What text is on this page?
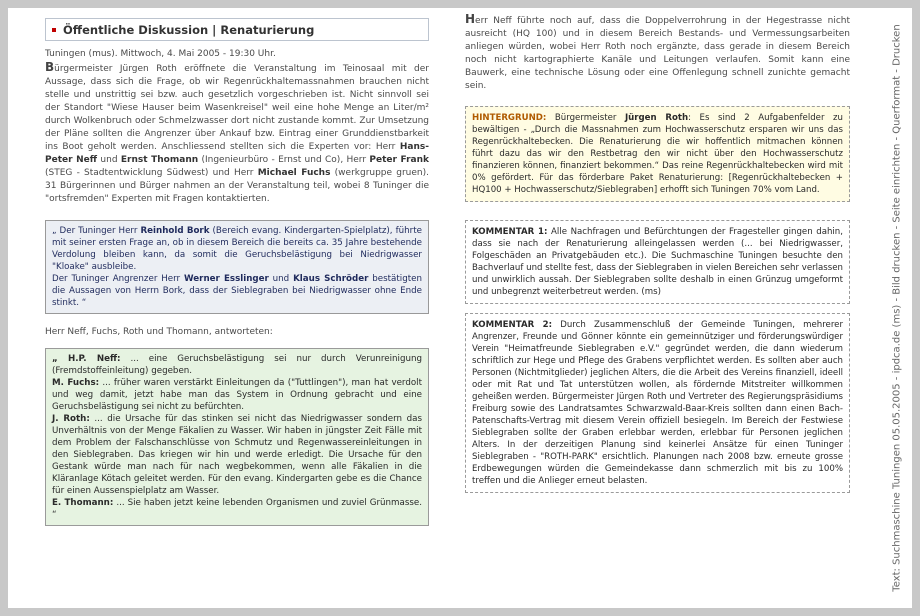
Öffentliche Diskussion | Renaturierung

Tuningen (mus). Mittwoch, 4. Mai 2005 - 19:30 Uhr.

Bürgermeister Jürgen Roth eröffnete die Veranstaltung im Teinosaal mit der Aussage, dass sich die Frage, ob wir Regenrückhaltemassnahmen brauchen nicht stelle und unstrittig sei bzw. auch gesetzlich vorgeschrieben ist. Nicht sinnvoll sei der Standort "Wiese Hauser beim Wasenkreisel" weil eine hohe Menge an Liter/m² durch Wolkenbruch oder Schmelzwasser dort nicht zustande kommt. Zur Umsetzung der Pläne sollten die Angrenzer über Ankauf bzw. Eintrag einer Grunddienstbarkeit ins Boot geholt werden. Anschliessend stellten sich die Experten vor: Herr Hans-Peter Neff und Ernst Thomann (Ingenieurbüro - Ernst und Co), Herr Peter Frank (STEG - Stadtentwicklung Südwest) und Herr Michael Fuchs (werkgruppe gruen). 31 Bürgerinnen und Bürger nahmen an der Veranstaltung teil, wobei 8 Tuninger die "ortsfremden" Experten mit Fragen kontaktierten.

„ Der Tuninger Herr Reinhold Bork (Bereich evang. Kindergarten-Spielplatz), führte mit seiner ersten Frage an, ob in diesem Bereich die bereits ca. 35 Jahre bestehende Verdolung bleiben kann, da somit die Geruchsbelästigung bei Niedrigwasser "Kloake" ausbleibe.

Der Tuninger Angrenzer Herr Werner Esslinger und Klaus Schröder bestätigten die Aussagen von Herrn Bork, dass der Sieblegraben bei Niedrigwasser ohne Ende stinkt. “

Herr Neff, Fuchs, Roth und Thomann, antworteten:

„ H.P. Neff: ... eine Geruchsbelästigung sei nur durch Verunreinigung (Fremdstoffeinleitung) gegeben.

M. Fuchs: ... früher waren verstärkt Einleitungen da ("Tuttlingen"), man hat verdolt und weg damit, jetzt habe man das System in Ordnung gebracht und eine Geruchsbelästigung sei nicht zu befürchten.

J. Roth: ... die Ursache für das stinken sei nicht das Niedrigwasser sondern das Unverhältnis von der Menge Fäkalien zu Wasser. Wir haben in jüngster Zeit Fälle mit dem Problem der Falschanschlüsse von Schmutz und Regenwassereinleitungen in den Sieblegraben. Das kriegen wir hin und werde erledigt. Die Ursache für den Gestank würde man nach für nach wegbekommen, wenn alle Fäkalien in die Kläranlage Kötach geleitet werden. Für den evang. Kindergarten gebe es die Chance für einen Aussenspielplatz am Wasser.

E. Thomann: ... Sie haben jetzt keine lebenden Organismen und zuviel Grünmasse. “

Herr Neff führte noch auf, dass die Doppelverrohrung in der Hegestrasse nicht ausreicht (HQ 100) und in diesem Bereich Bestands- und Vermessungsarbeiten anliegen würden, wobei Herr Roth noch ergänzte, dass gerade in diesem Bereich noch nicht kartographierte Kanäle und Leitungen verlaufen. Somit kann eine Bauwerk, eine technische Lösung oder eine Offenlegung schnell zunichte gemacht sein.

HINTERGRUND: Bürgermeister Jürgen Roth: Es sind 2 Aufgabenfelder zu bewältigen - „Durch die Massnahmen zum Hochwasserschutz ersparen wir uns das Regenrückhaltebecken. Die Renaturierung die wir hoffentlich mitmachen können führt dazu das wir den Restbetrag den wir nicht über den Hochwasserschutz finanzieren können, finanziert bekommen.“ Das reine Regenrückhaltebecken wird mit 0% gefördert. Für das förderbare Paket Renaturierung: [Regenrückhaltebecken + HQ100 + Hochwasserschutz/Sieblegraben] erhofft sich Tuningen 70% vom Land.

KOMMENTAR 1: Alle Nachfragen und Befürchtungen der Fragesteller gingen dahin, dass sie nach der Renaturierung alleingelassen werden (... bei Niedrigwasser, Folgeschäden an Privatgebäuden etc.). Die Suchmaschine Tuningen besuchte den Bachverlauf und stellte fest, dass der Sieblegraben in vielen Bereichen sehr verlassen und unwirklich aussah. Der Sieblegraben sollte deshalb in einen Grünzug umgeformt und unbegrenzt weiterbetreut werden. (ms)

KOMMENTAR 2: Durch Zusammenschluß der Gemeinde Tuningen, mehrerer Angrenzer, Freunde und Gönner könnte ein gemeinnütziger und förderungswürdiger Verein "Heimatfreunde Sieblegraben e.V." gegründet werden, die dann wiederum schriftlich zur Hege und Pflege des Grabens verpflichtet werden. Es sollten aber auch Personen (Nichtmitglieder) jeglichen Alters, die die Arbeit des Vereins finanziell, ideell oder mit Rat und Tat unterstützen wollen, als fördernde Mitstreiter willkommen geheißen werden. Bürgermeister Jürgen Roth und Vertreter des Regierungspräsidiums Freiburg sowie des Landratsamtes Schwarzwald-Baar-Kreis sollten dann einen Bach-Patenschafts-Vertrag mit diesem Verein offiziell besiegeln. Im Bereich der Festwiese Sieblegraben sollte der Graben erlebbar werden, erlebbar für Personen jeglichen Alters. In der derzeitigen Planung sind keinerlei Ansätze für einen Tuninger Sieblegraben - "ROTH-PARK" ersichtlich. Planungen nach 2008 bzw. erneute grosse Erdbewegungen würden die Gemeindekasse dann schmerzlich mit bis zu 100% treffen und die Anlieger erneut belasten.	Text: Suchmaschine Tuningen 05.05.2005 - ipdca.de (ms) - Bild drucken - Seite einrichten - Querformat - Drucken
